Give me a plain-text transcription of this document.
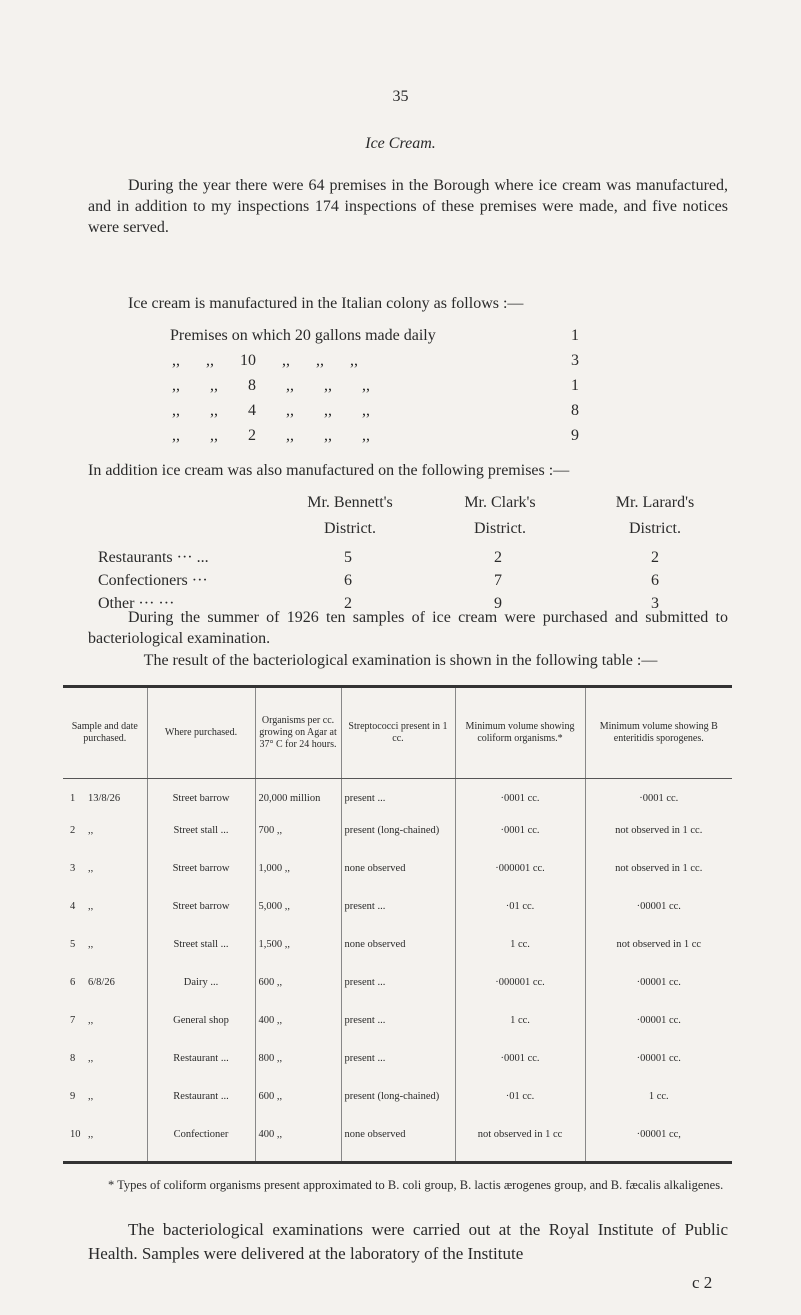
35
Ice Cream.
During the year there were 64 premises in the Borough where ice cream was manufactured, and in addition to my inspections 174 inspections of these premises were made, and five notices were served.
Ice cream is manufactured in the Italian colony as follows :—
Premises on which 20 gallons made daily	1
,, ,, 10 ,, ,, ,,	3
,, ,, 8 ,, ,, ,,	1
,, ,, 4 ,, ,, ,,	8
,, ,, 2 ,, ,, ,,	9
In addition ice cream was also manufactured on the following premises :—
Mr. Bennett's District.
Mr. Clark's District.
Mr. Larard's District.
Restaurants ··· ...	5	2	2
Confectioners ···	6	7	6
Other ··· ···	2	9	3
During the summer of 1926 ten samples of ice cream were purchased and submitted to bacteriological examination.
The result of the bacteriological examination is shown in the following table :—
Sample and date purchased.	Where purchased.	Organisms per cc. growing on Agar at 37° C for 24 hours.	Streptococci present in 1 cc.	Minimum volume showing coliform organisms.*	Minimum volume showing B enteritidis sporogenes.
1 13/8/26	Street barrow	20,000 million	present ...	·0001 cc.	·0001 cc.
2 ,,	Street stall ...	700 ,,	present (long-chained)	·0001 cc.	not observed in 1 cc.
3 ,,	Street barrow	1,000 ,,	none observed	·000001 cc.	not observed in 1 cc.
4 ,,	Street barrow	5,000 ,,	present ...	·01 cc.	·00001 cc.
5 ,,	Street stall ...	1,500 ,,	none observed	1 cc.	not observed in 1 cc
6 6/8/26	Dairy ...	600 ,,	present ...	·000001 cc.	·00001 cc.
7 ,,	General shop	400 ,,	present ...	1 cc.	·00001 cc.
8 ,,	Restaurant ...	800 ,,	present ...	·0001 cc.	·00001 cc.
9 ,,	Restaurant ...	600 ,,	present (long-chained)	·01 cc.	1 cc.
10 ,,	Confectioner	400 ,,	none observed	not observed in 1 cc	·00001 cc,
* Types of coliform organisms present approximated to B. coli group, B. lactis ærogenes group, and B. fæcalis alkaligenes.
The bacteriological examinations were carried out at the Royal Institute of Public Health. Samples were delivered at the laboratory of the Institute
c 2
